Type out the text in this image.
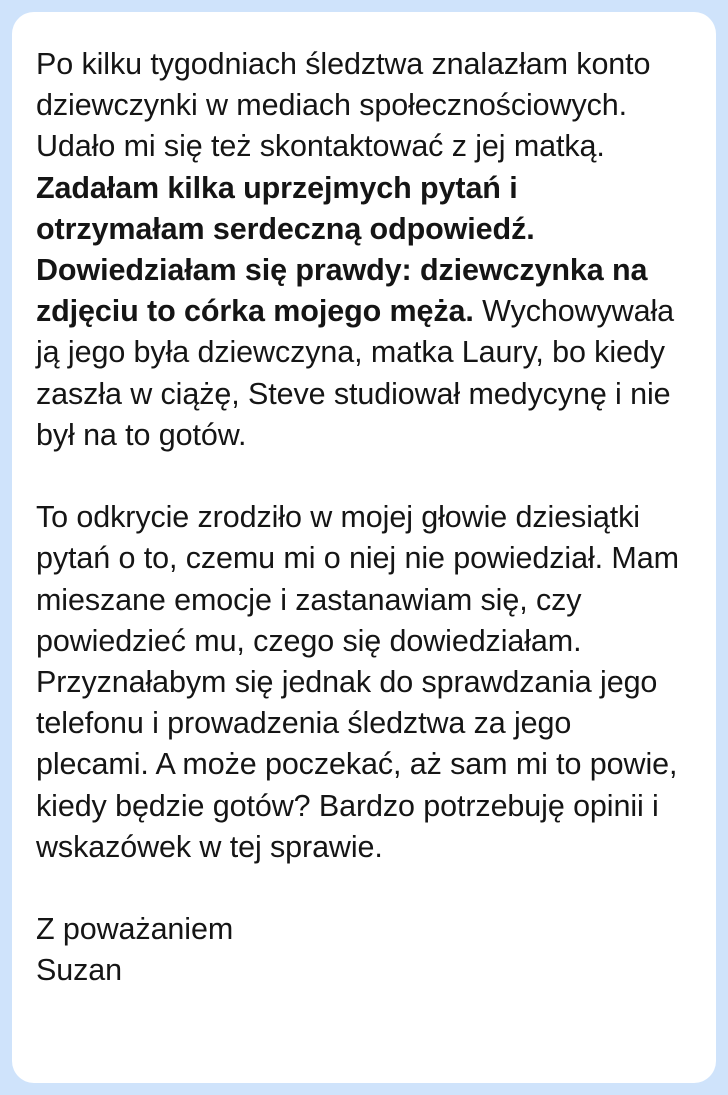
Po kilku tygodniach śledztwa znalazłam konto dziewczynki w mediach społecznościowych. Udało mi się też skontaktować z jej matką. Zadałam kilka uprzejmych pytań i otrzymałam serdeczną odpowiedź. Dowiedziałam się prawdy: dziewczynka na zdjęciu to córka mojego męża. Wychowywała ją jego była dziewczyna, matka Laury, bo kiedy zaszła w ciążę, Steve studiował medycynę i nie był na to gotów.

To odkrycie zrodziło w mojej głowie dziesiątki pytań o to, czemu mi o niej nie powiedział. Mam mieszane emocje i zastanawiam się, czy powiedzieć mu, czego się dowiedziałam. Przyznałabym się jednak do sprawdzania jego telefonu i prowadzenia śledztwa za jego plecami. A może poczekać, aż sam mi to powie, kiedy będzie gotów? Bardzo potrzebuję opinii i wskazówek w tej sprawie.

Z poważaniem

Suzan
